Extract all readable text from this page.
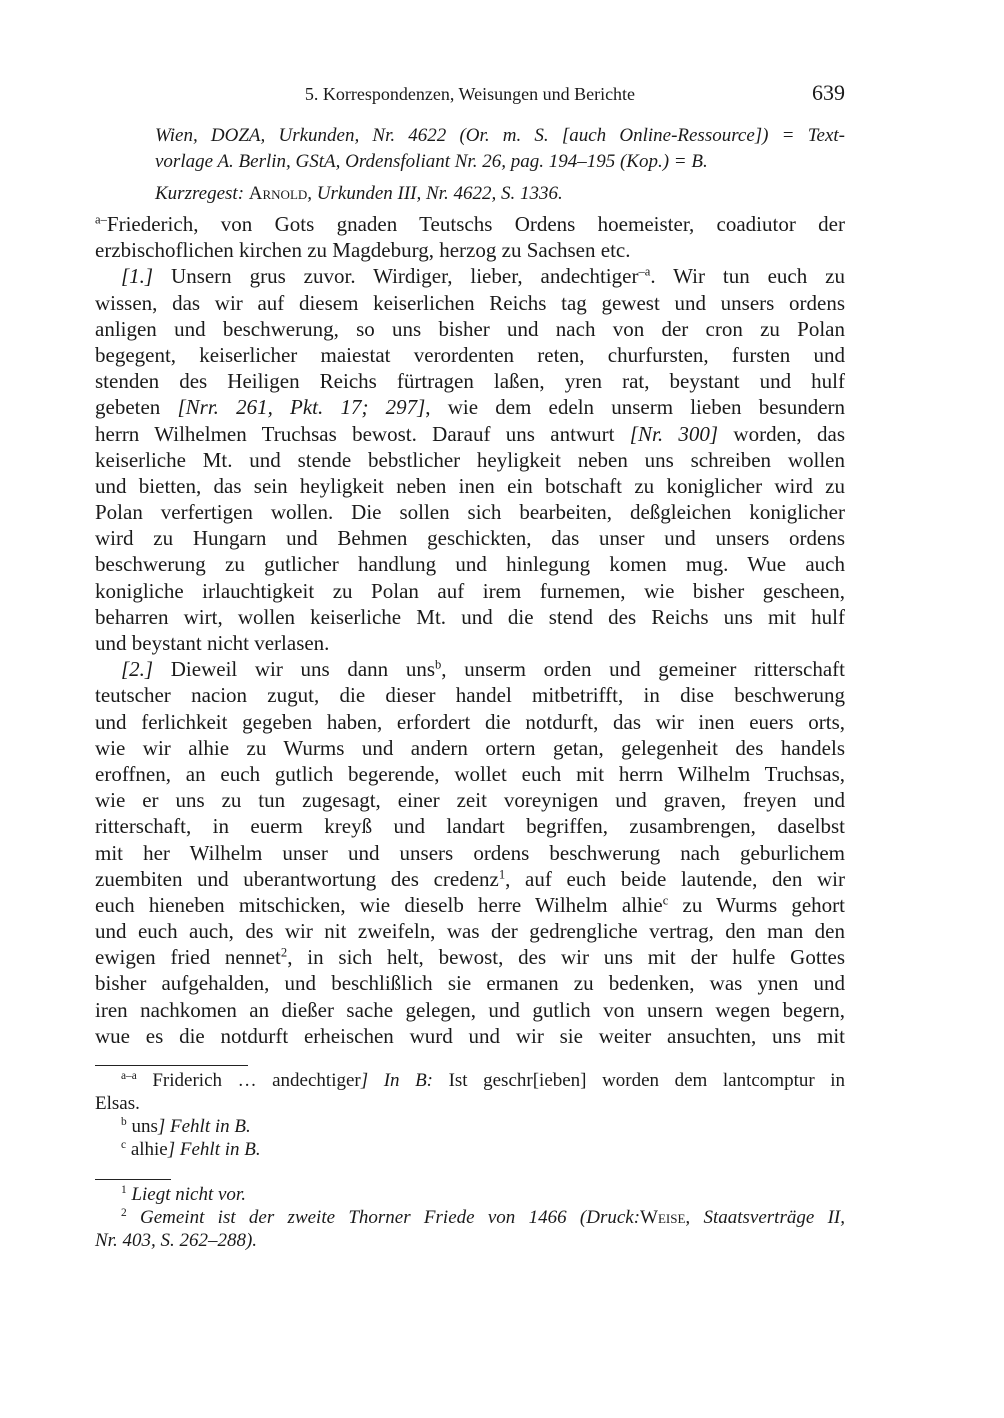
5. Korrespondenzen, Weisungen und Berichte	639
Wien, DOZA, Urkunden, Nr. 4622 (Or. m. S. [auch Online-Ressource]) = Text-
vorlage A. Berlin, GStA, Ordensfoliant Nr. 26, pag. 194–195 (Kop.) = B.
Kurzregest: Arnold, Urkunden III, Nr. 4622, S. 1336.
$^{a-}$Friederich, von Gots gnaden Teutschs Ordens hoemeister, coadiutor der
erzbischoflichen kirchen zu Magdeburg, herzog zu Sachsen etc.
[1.] Unsern grus zuvor. Wirdiger, lieber, andechtiger$^{-a}$. Wir tun euch zu
wissen, das wir auf diesem keiserlichen Reichs tag gewest und unsers ordens
anligen und beschwerung, so uns bisher und nach von der cron zu Polan
begegent, keiserlicher maiestat verordenten reten, churfursten, fursten und
stenden des Heiligen Reichs fürtragen laßen, yren rat, beystant und hulf
gebeten [Nrr. 261, Pkt. 17; 297], wie dem edeln unserm lieben besundern
herrn Wilhelmen Truchsas bewost. Darauf uns antwurt [Nr. 300] worden, das
keiserliche Mt. und stende bebstlicher heyligkeit neben uns schreiben wollen
und bietten, das sein heyligkeit neben inen ein botschaft zu koniglicher wird zu
Polan verfertigen wollen. Die sollen sich bearbeiten, deßgleichen koniglicher
wird zu Hungarn und Behmen geschickten, das unser und unsers ordens
beschwerung zu gutlicher handlung und hinlegung komen mug. Wue auch
konigliche irlauchtigkeit zu Polan auf irem furnemen, wie bisher gescheen,
beharren wirt, wollen keiserliche Mt. und die stend des Reichs uns mit hulf
und beystant nicht verlasen.
[2.] Dieweil wir uns dann uns$^b$, unserm orden und gemeiner ritterschaft
teutscher nacion zugut, die dieser handel mitbetrifft, in dise beschwerung
und ferlichkeit gegeben haben, erfordert die notdurft, das wir inen euers orts,
wie wir alhie zu Wurms und andern ortern getan, gelegenheit des handels
eroffnen, an euch gutlich begerende, wollet euch mit herrn Wilhelm Truchsas,
wie er uns zu tun zugesagt, einer zeit voreynigen und graven, freyen und
ritterschaft, in euerm kreyß und landart begriffen, zusambrengen, daselbst
mit her Wilhelm unser und unsers ordens beschwerung nach geburlichem
zuembiten und uberantwortung des credenz$^1$, auf euch beide lautende, den wir
euch hieneben mitschicken, wie dieselb herre Wilhelm alhie$^c$ zu Wurms gehort
und euch auch, des wir nit zweifeln, was der gedrengliche vertrag, den man den
ewigen fried nennet$^2$, in sich helt, bewost, des wir uns mit der hulfe Gottes
bisher aufgehalden, und beschlißlich sie ermanen zu bedenken, was ynen und
iren nachkomen an dießer sache gelegen, und gutlich von unsern wegen begern,
wue es die notdurft erheischen wurd und wir sie weiter ansuchten, uns mit
$^{a-a}$ Friderich … andechtiger] In B: Ist geschr[ieben] worden dem lantcomptur in
Elsas.
$^b$ uns] Fehlt in B.
$^c$ alhie] Fehlt in B.
$^1$ Liegt nicht vor.
$^2$ Gemeint ist der zweite Thorner Friede von 1466 (Druck:Weise, Staatsverträge II,
Nr. 403, S. 262–288).
